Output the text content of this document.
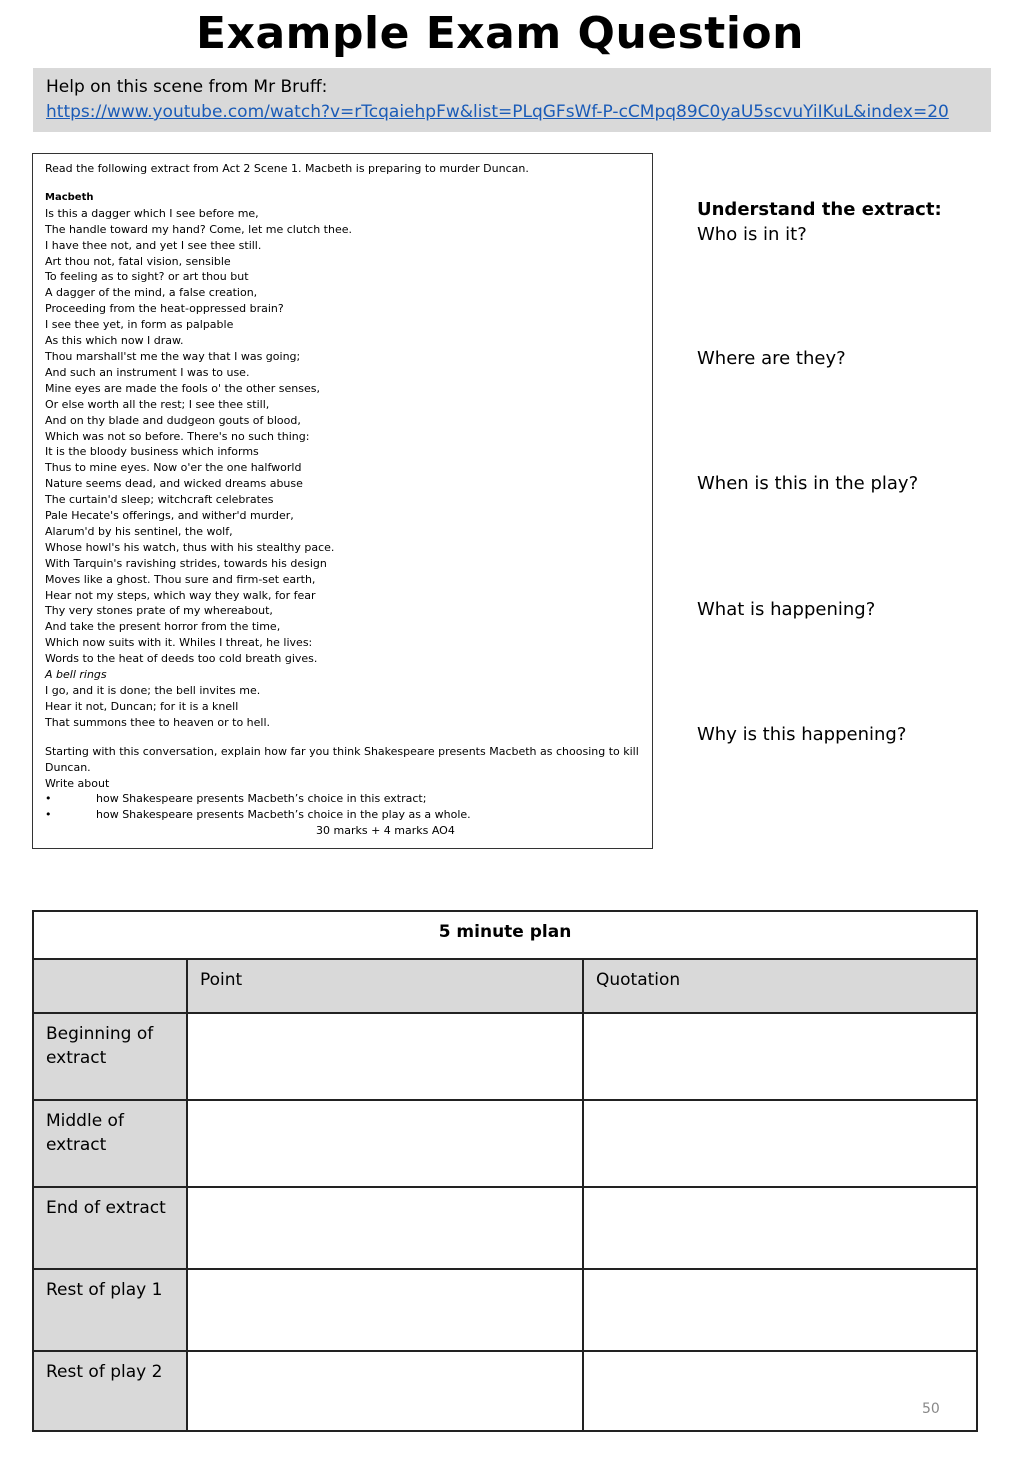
Example Exam Question
Help on this scene from Mr Bruff:
https://www.youtube.com/watch?v=rTcqaiehpFw&list=PLqGFsWf-P-cCMpq89C0yaU5scvuYiIKuL&index=20
Read the following extract from Act 2 Scene 1. Macbeth is preparing to murder Duncan.
Macbeth
Is this a dagger which I see before me,
The handle toward my hand? Come, let me clutch thee.
I have thee not, and yet I see thee still.
Art thou not, fatal vision, sensible
To feeling as to sight? or art thou but
A dagger of the mind, a false creation,
Proceeding from the heat-oppressed brain?
I see thee yet, in form as palpable
As this which now I draw.
Thou marshall'st me the way that I was going;
And such an instrument I was to use.
Mine eyes are made the fools o' the other senses,
Or else worth all the rest; I see thee still,
And on thy blade and dudgeon gouts of blood,
Which was not so before. There's no such thing:
It is the bloody business which informs
Thus to mine eyes. Now o'er the one halfworld
Nature seems dead, and wicked dreams abuse
The curtain'd sleep; witchcraft celebrates
Pale Hecate's offerings, and wither'd murder,
Alarum'd by his sentinel, the wolf,
Whose howl's his watch, thus with his stealthy pace.
With Tarquin's ravishing strides, towards his design
Moves like a ghost. Thou sure and firm-set earth,
Hear not my steps, which way they walk, for fear
Thy very stones prate of my whereabout,
And take the present horror from the time,
Which now suits with it. Whiles I threat, he lives:
Words to the heat of deeds too cold breath gives.
A bell rings
I go, and it is done; the bell invites me.
Hear it not, Duncan; for it is a knell
That summons thee to heaven or to hell.
Starting with this conversation, explain how far you think Shakespeare presents Macbeth as choosing to kill Duncan.
Write about
•	how Shakespeare presents Macbeth’s choice in this extract;
•	how Shakespeare presents Macbeth’s choice in the play as a whole.
30 marks + 4 marks AO4
Understand the extract:
Who is in it?
Where are they?
When is this in the play?
What is happening?
Why is this happening?
5 minute plan		
	Point	Quotation
Beginning of extract		
Middle of extract		
End of extract		
Rest of play 1		
Rest of play 2		
50
